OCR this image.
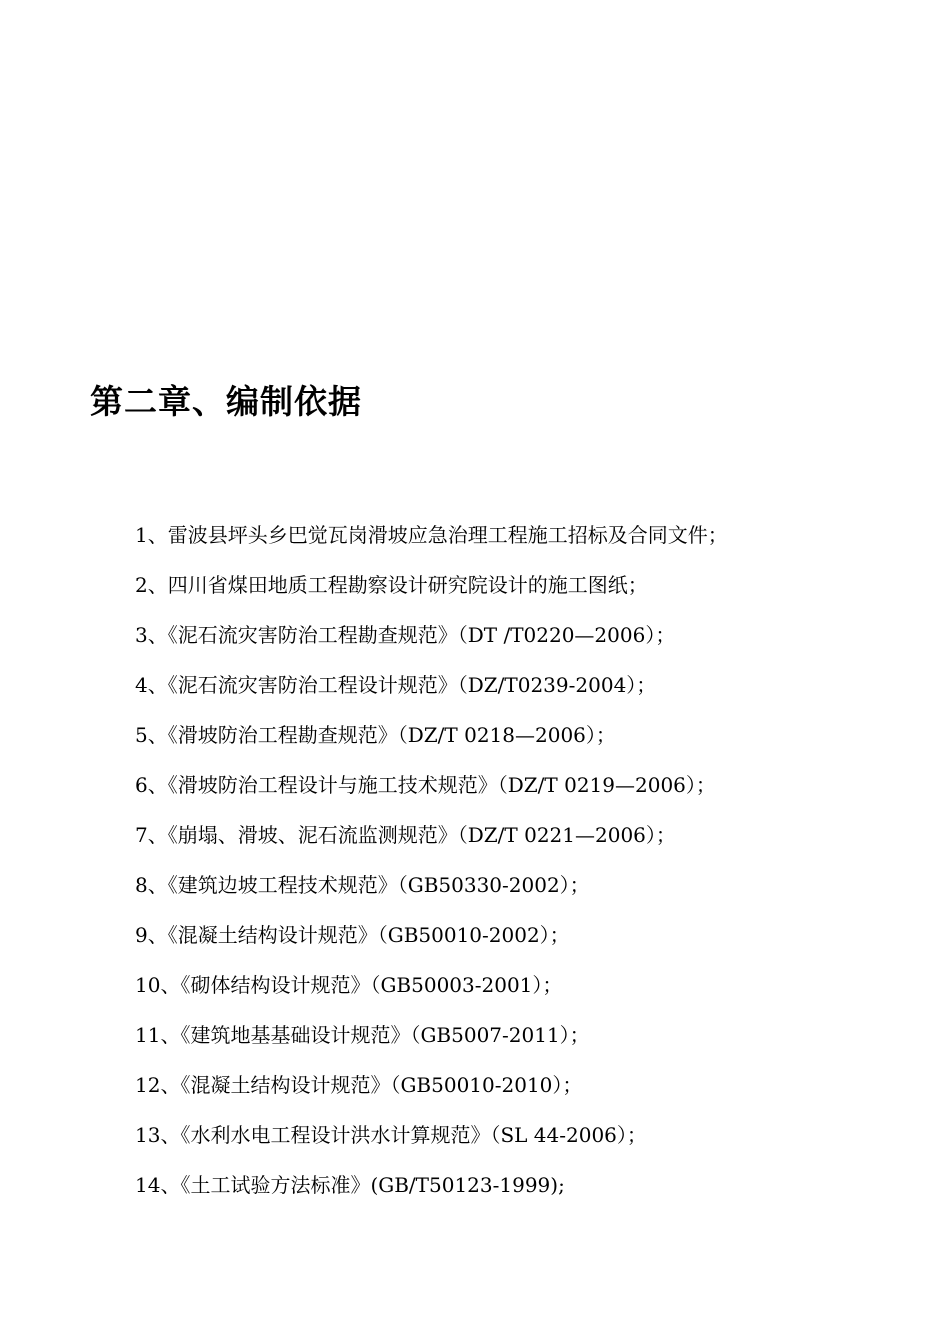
第二章、编制依据
1、雷波县坪头乡巴觉瓦岗滑坡应急治理工程施工招标及合同文件；
2、四川省煤田地质工程勘察设计研究院设计的施工图纸；
3、《泥石流灾害防治工程勘查规范》（DT /T0220—2006）；
4、《泥石流灾害防治工程设计规范》（DZ/T0239-2004）；
5、《滑坡防治工程勘查规范》（DZ/T 0218—2006）；
6、《滑坡防治工程设计与施工技术规范》（DZ/T 0219—2006）；
7、《崩塌、滑坡、泥石流监测规范》（DZ/T 0221—2006）；
8、《建筑边坡工程技术规范》（GB50330-2002）；
9、《混凝土结构设计规范》（GB50010-2002）；
10、《砌体结构设计规范》（GB50003-2001）；
11、《建筑地基基础设计规范》（GB5007-2011）；
12、《混凝土结构设计规范》（GB50010-2010）；
13、《水利水电工程设计洪水计算规范》（SL 44-2006）；
14、《土工试验方法标准》(GB/T50123-1999);
